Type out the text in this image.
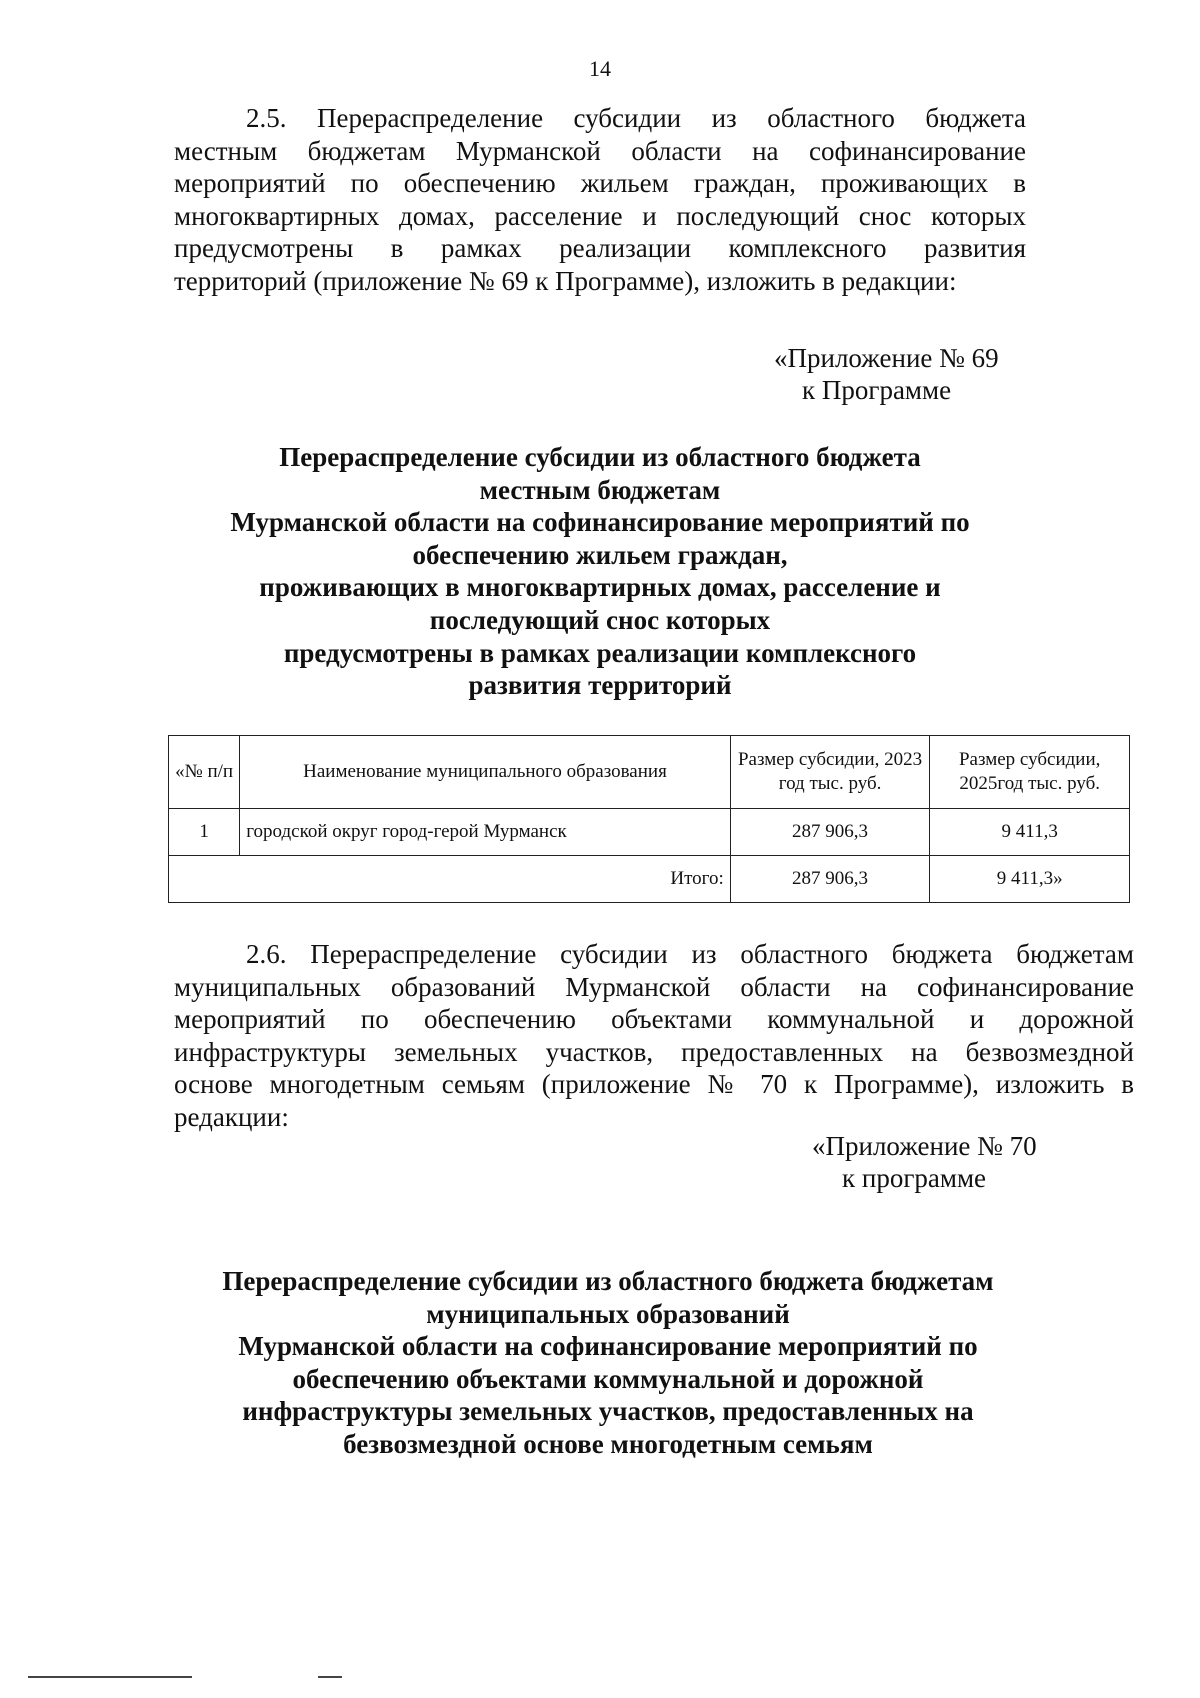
14

2.5. Перераспределение субсидии из областного бюджета
местным бюджетам Мурманской области на софинансирование
мероприятий по обеспечению жильем граждан, проживающих в
многоквартирных домах, расселение и последующий снос которых
предусмотрены в рамках реализации комплексного развития
территорий (приложение № 69 к Программе), изложить в редакции:

«Приложение № 69
к Программе
Перераспределение субсидии из областного бюджета
местным бюджетам
Мурманской области на софинансирование мероприятий по
обеспечению жильем граждан,
проживающих в многоквартирных домах, расселение и
последующий снос которых
предусмотрены в рамках реализации комплексного
развития территорий
«№ п/п	Наименование муниципального образования	Размер субсидии, 2023 год тыс. руб.	Размер субсидии, 2025год тыс. руб.
1	городской округ город-герой Мурманск	287 906,3	9 411,3
Итого:		287 906,3	9 411,3»

2.6. Перераспределение субсидии из областного бюджета бюджетам
муниципальных образований Мурманской области на софинансирование
мероприятий по обеспечению объектами коммунальной и дорожной
инфраструктуры земельных участков, предоставленных на безвозмездной
основе многодетным семьям (приложение № 70 к Программе), изложить в
редакции:

«Приложение № 70
к программе
Перераспределение субсидии из областного бюджета бюджетам
муниципальных образований
Мурманской области на софинансирование мероприятий по
обеспечению объектами коммунальной и дорожной
инфраструктуры земельных участков, предоставленных на
безвозмездной основе многодетным семьям
